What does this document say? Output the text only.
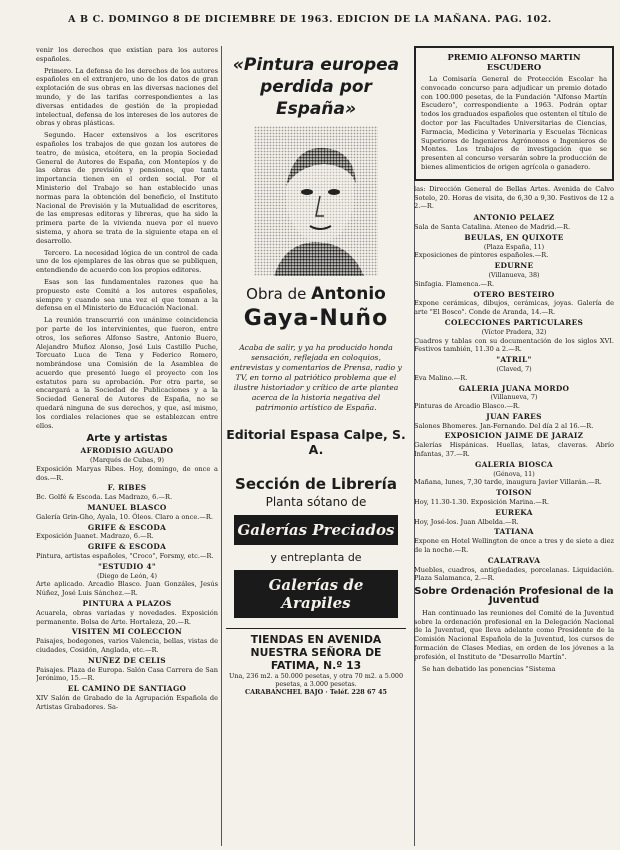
A B C. DOMINGO 8 DE DICIEMBRE DE 1963. EDICION DE LA MAÑANA. PAG. 102.

venir los derechos que existían para los autores españoles.

Primero. La defensa de los derechos de los autores españoles en el extranjero, uno de los datos de gran explotación de sus obras en las diversas naciones del mundo, y de las tarifas correspondientes a las diversas entidades de gestión de la propiedad intelectual, defensa de los intereses de los autores de obras y obras plásticas.

Segundo. Hacer extensivos a los escritores españoles los trabajos de que gozan los autores de teatro, de música, etcétera, en la propia Sociedad General de Autores de España, con Montepíos y de las obras de previsión y pensiones, que tanta importancia tienen en el orden social. Por el Ministerio del Trabajo se han establecido unas normas para la obtención del beneficio, el Instituto Nacional de Previsión y la Mutualidad de escritores, de las empresas editoras y libreras, que ha sido la primera parte de la vivienda nueva por el nuevo sistema, y ahora se trata de la siguiente etapa en el desarrollo.

Tercero. La necesidad lógica de un control de cada uno de los ejemplares de las obras que se publiquen, entendiendo de acuerdo con los propios editores.

Esas son las fundamentales razones que ha propuesto este Comité a los autores españoles, siempre y cuando sea una vez el que toman a la defensa en el Ministerio de Educación Nacional.

La reunión transcurrió con unánime coincidencia por parte de los intervinientes, que fueron, entre otros, los señores Alfonso Sastre, Antonio Buero, Alejandro Muñoz Alonso, José Luis Castillo Puche, Torcuato Luca de Tena y Federico Romero, nombrándose una Comisión de la Asamblea de acuerdo que presentó luego el proyecto con los estatutos para su aprobación. Por otra parte, se encargará a la Sociedad de Publicaciones y a la Sociedad General de Autores de España, no se quedará ninguna de sus derechos, y que, así mismo, los cordiales relaciones que se establezcan entre ellos.

Arte y artistas
AFRODISIO AGUADO
(Marqués de Cubas, 9)

Exposición Maryas Ribes. Hoy, domingo, de once a dos.—R.

F. RIBES

Bc. Golfé & Escoda. Las Madrazo, 6.—R.

MANUEL BLASCO

Galería Grin-Gho, Ayala, 10. Óleos. Claro a once.—R.

GRIFE & ESCODA

Exposición Juanet. Madrazo, 6.—R.

GRIFE & ESCODA

Pintura, artistas españoles, "Croco", Forsmy, etc.—R.

"ESTUDIO 4"
(Diego de León, 4)

Arte aplicado. Arcadio Blasco. Juan Gonzáles, Jesús Núñez, José Luis Sánchez.—R.

PINTURA A PLAZOS

Acuarela, obras variadas y novedades. Exposición permanente. Bolsa de Arte. Hortaleza, 20.—R.

VISITEN MI COLECCION

Paisajes, bodegones, varios Valencia, bellas, vistas de ciudades, Cosidón, Anglada, etc.—R.

NUÑEZ DE CELIS

Paisajes. Plaza de Europa. Salón Casa Carrera de San Jerónimo, 15.—R.

EL CAMINO DE SANTIAGO

XIV Salón de Grabado de la Agrupación Española de Artistas Grabadores. Sa-

«Pintura europea perdida por España»
Obra de Antonio
Gaya-Nuño
Acaba de salir, y ya ha producido honda sensación, reflejada en coloquios, entrevistas y comentarios de Prensa, radio y TV, en torno al patriótico problema que el ilustre historiador y crítico de arte plantea acerca de la historia negativa del patrimonio artístico de España.
Editorial Espasa Calpe, S. A.
Sección de Librería
Planta sótano de
Galerías Preciados
y entreplanta de
Galerías de Arapiles
TIENDAS EN AVENIDA NUESTRA SEÑORA DE FATIMA, N.º 13
Una, 236 m2. a 50.000 pesetas, y otra 70 m2. a 5.000 pesetas, a 3.000 pesetas.
CARABANCHEL BAJO · Teléf. 228 67 45
PREMIO ALFONSO MARTIN ESCUDERO

La Comisaría General de Protección Escolar ha convocado concurso para adjudicar un premio dotado con 100.000 pesetas, de la Fundación "Alfonso Martín Escudero", correspondiente a 1963. Podrán optar todos los graduados españoles que ostenten el título de doctor por las Facultades Universitarias de Ciencias, Farmacia, Medicina y Veterinaria y Escuelas Técnicas Superiores de Ingenieros Agrónomos e Ingenieros de Montes. Los trabajos de investigación que se presenten al concurso versarán sobre la producción de bienes alimenticios de origen agrícola o ganadero.

las: Dirección General de Bellas Artes. Avenida de Calvo Sotelo, 20. Horas de visita, de 6,30 a 9,30. Festivos de 12 a 2.—R.

ANTONIO PELAEZ

Sala de Santa Catalina. Ateneo de Madrid.—R.

BEULAS, EN QUIXOTE
(Plaza España, 11)

Exposiciones de pintores españoles.—R.

EDURNE
(Villanueva, 38)

Sinfagia. Flamenca.—R.

OTERO BESTEIRO

Expone cerámicas, dibujos, cerámicas, joyas. Galería de arte "El Bosco". Conde de Aranda, 14.—R.

COLECCIONES PARTICULARES
(Víctor Pradera, 32)

Cuadros y tablas con su documentación de los siglos XVI. Festivos también, 11.30 a 2.—R.

"ATRIL"
(Claved, 7)

Eva Malino.—R.

GALERIA JUANA MORDO
(Villanueva, 7)

Pinturas de Arcadio Blasco.—R.

JUAN FARES

Salones Bhomeres. Jan-Fernando. Del día 2 al 16.—R.

EXPOSICION JAIME DE JARAIZ

Galerías Hispánicas. Huellas, latas, claveras. Abrío Infantas, 37.—R.

GALERIA BIOSCA
(Génova, 11)

Mañana, lunes, 7,30 tarde, inaugura Javier Villarán.—R.

TOISON

Hoy, 11.30-1.30. Exposición Marina.—R.

EUREKA

Hoy, José-los. Juan Albelda.—R.

TATIANA

Expone en Hotel Wellington de once a tres y de siete a diez de la noche.—R.

CALATRAVA

Muebles, cuadros, antigüedades, porcelanas. Liquidación. Plaza Salamanca, 2.—R.

Sobre Ordenación Profesional de la Juventud

Han continuado las reuniones del Comité de la Juventud sobre la ordenación profesional en la Delegación Nacional de la Juventud, que lleva adelante como Presidente de la Comisión Nacional Española de la Juventud, los cursos de formación de Clases Medias, en orden de los jóvenes a la profesión, el Instituto de "Desarrollo Martín".

Se han debatido las ponencias "Sistema
